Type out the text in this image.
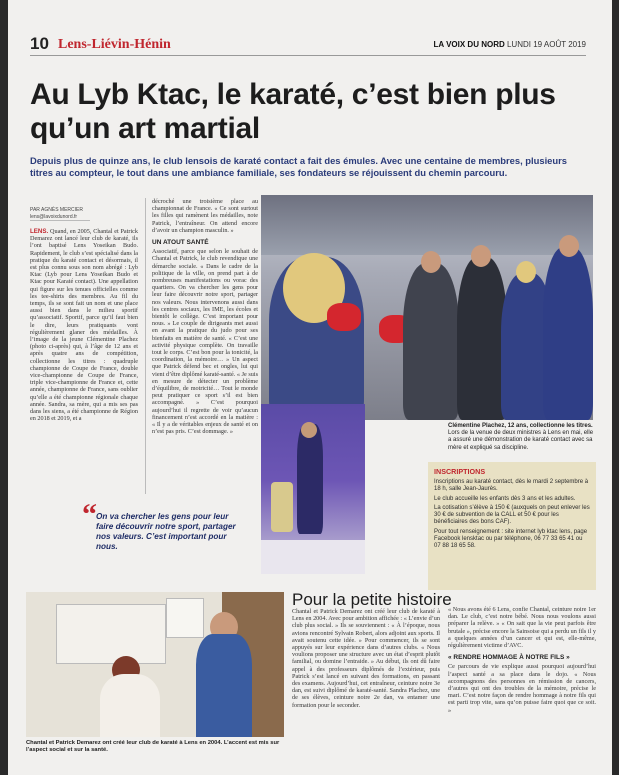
10 Lens-Liévin-Hénin	LA VOIX DU NORD LUNDI 19 AOÛT 2019
Au Lyb Ktac, le karaté, c’est bien plus qu’un art martial

Depuis plus de quinze ans, le club lensois de karaté contact a fait des émules. Avec une centaine de membres, plusieurs titres au compteur, le tout dans une ambiance familiale, ses fondateurs se réjouissent du chemin parcouru.

PAR AGNÈS MERCIER
lens@lavoixdunord.fr
LENS. Quand, en 2005, Chantal et Patrick Demarez ont lancé leur club de karaté, ils l’ont baptisé Lens Yoseikan Budo. Rapidement, le club s’est spécialisé dans la pratique du karaté contact et désormais, il est plus connu sous son nom abrégé : Lyb Ktac (Lyb pour Lens Yoseikan Budo et Ktac pour Karaté contact). Une appellation qui figure sur les tenues officielles comme les tee-shirts des membres. Au fil du temps, ils se sont fait un nom et une place aussi bien dans le milieu sportif qu’associatif. Sportif, parce qu’il faut bien le dire, leurs pratiquants vont régulièrement glaner des médailles. À l’image de la jeune Clémentine Plachez (photo ci-après) qui, à l’âge de 12 ans et après quatre ans de compétition, collectionne les titres : quadruple championne de Coupe de France, double vice-championne de Coupe de France, triple vice-championne de France et, cette année, championne de France, sans oublier qu’elle a été championne régionale chaque année. Sandra, sa mère, qui a mis ses pas dans les siens, a été championne de Région en 2018 et 2019, et a
décroché une troisième place au championnat de France. « Ce sont surtout les filles qui ramènent les médailles, note Patrick, l’entraîneur. On attend encore d’avoir un champion masculin. »
UN ATOUT SANTÉ
Associatif, parce que selon le souhait de Chantal et Patrick, le club revendique une démarche sociale. « Dans le cadre de la politique de la ville, on prend part à de nombreuses manifestations ou vorac des quartiers. On va chercher les gens pour leur faire découvrir notre sport, partager nos valeurs. Nous intervenons aussi dans les centres sociaux, les IME, les écoles et bientôt le collège. C’est important pour nous. » Le couple de dirigeants met aussi en avant la pratique du judo pour ses bienfaits en matière de santé. « C’est une activité physique complète. On travaille tout le corps. C’est bon pour la tonicité, la coordination, la mémoire… » Un aspect que Patrick défend bec et ongles, lui qui vient d’être diplômé karaté-santé. « Je suis en mesure de détecter un problème d’équilibre, de motricité… Tout le monde peut pratiquer ce sport s’il est bien accompagné. » C’est pourquoi aujourd’hui il regrette de voir qu’aucun financement n’est accordé en la matière : « Il y a de véritables enjeux de santé et on n’est pas pris. C’est dommage. »
“ On va chercher les gens pour leur faire découvrir notre sport, partager nos valeurs. C’est important pour nous.
Clémentine Plachez, 12 ans, collectionne les titres. Lors de la venue de deux ministres à Lens en mai, elle a assuré une démonstration de karaté contact avec sa mère et expliqué sa discipline.
INSCRIPTIONS

Inscriptions au karaté contact, dès le mardi 2 septembre à 18 h, salle Jean-Jaurès.

Le club accueille les enfants dès 3 ans et les adultes.

La cotisation s’élève à 150 € (auxquels on peut enlever les 30 € de subvention de la CALL et 50 € pour les bénéficiaires des bons CAF).

Pour tout renseignement : site internet lyb ktac lens, page Facebook lensktac ou par téléphone, 06 77 33 65 41 ou 07 88 18 65 58.

Chantal et Patrick Demarez ont créé leur club de karaté à Lens en 2004. L’accent est mis sur l’aspect social et sur la santé.
Pour la petite histoire
Chantal et Patrick Demarez ont créé leur club de karaté à Lens en 2004. Avec pour ambition affichée : « L’envie d’un club plus social. » Ils se souviennent : « À l’époque, nous avions rencontré Sylvain Robert, alors adjoint aux sports. Il avait soutenu cette idée. » Pour commencer, ils se sont appuyés sur leur expérience dans d’autres clubs. « Nous voulions proposer une structure avec un état d’esprit plutôt familial, ou domine l’entraide. » Au début, ils ont dû faire appel à des professeurs diplômés de l’extérieur, puis Patrick s’est lancé en suivant des formations, en passant des examens. Aujourd’hui, cet entraîneur, ceinture noire 3e dan, est suivi diplômé de karaté-santé. Sandra Plachez, une de ses élèves, ceinture noire 2e dan, va entamer une formation pour le seconder.
« Nous avons été 6 Lens, confie Chantal, ceinture noire 1er dan. Le club, c’est notre bébé. Nous nous voulons aussi préparer la relève. » « On sait que la vie peut parfois être brutale », précise encore la Sainsoise qui a perdu un fils il y a quelques années d’un cancer et qui est, elle-même, régulièrement victime d’AVC.
« RENDRE HOMMAGE À NOTRE FILS »
Ce parcours de vie explique aussi pourquoi aujourd’hui l’aspect santé a sa place dans le dojo. « Nous accompagnons des personnes en rémission de cancers, d’autres qui ont des troubles de la mémoire, précise le mari. C’est notre façon de rendre hommage à notre fils qui est parti trop vite, sans qu’on puisse faire quoi que ce soit. »
